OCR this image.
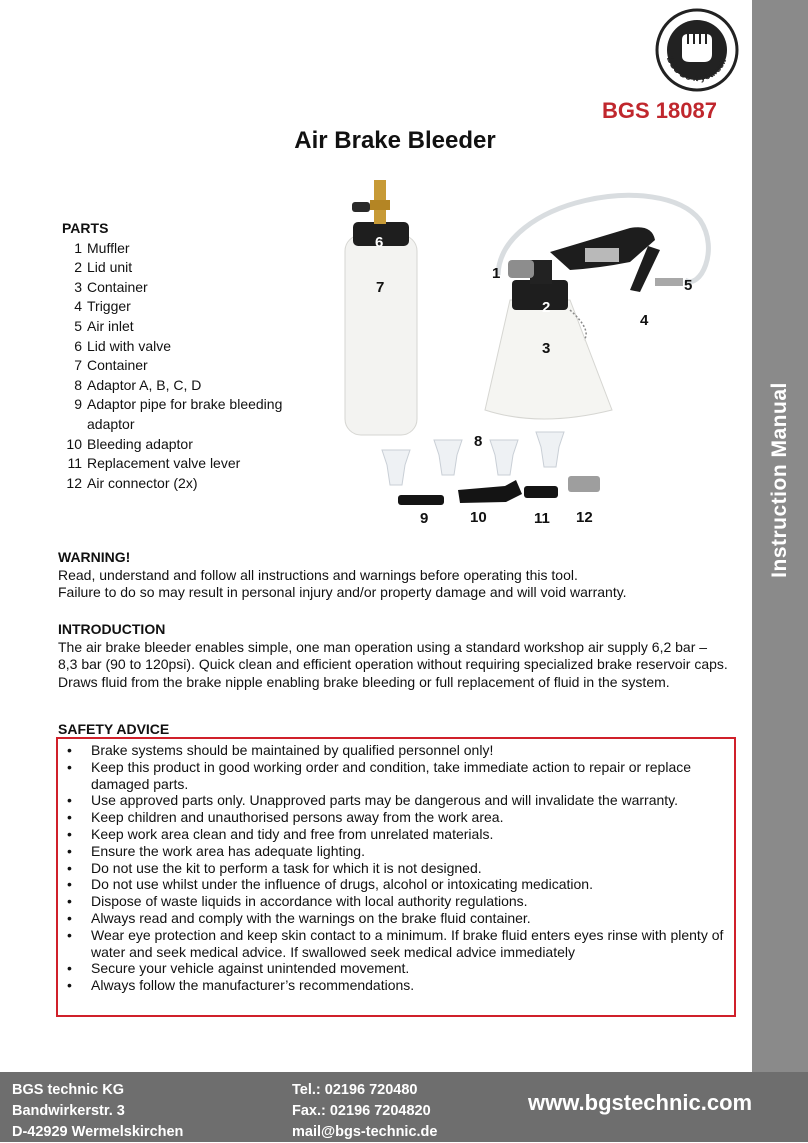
BGS Do it yourself
BGS 18087
Air Brake Bleeder
PARTS
1 Muffler
2 Lid unit
3 Container
4 Trigger
5 Air inlet
6 Lid with valve
7 Container
8 Adaptor A, B, C, D
9 Adaptor pipe for brake bleeding adaptor
10 Bleeding adaptor
11 Replacement valve lever
12 Air connector (2x)
1
2
3
4
5
6
7
8
9	10	11 12
WARNING!

Read, understand and follow all instructions and warnings before operating this tool.

Failure to do so may result in personal injury and/or property damage and will void warranty.

INTRODUCTION

The air brake bleeder enables simple, one man operation using a standard workshop air supply 6,2 bar – 8,3 bar (90 to 120psi). Quick clean and efficient operation without requiring specialized brake reservoir caps. Draws fluid from the brake nipple enabling brake bleeding or full replacement of fluid in the system.

SAFETY ADVICE
• Brake systems should be maintained by qualified personnel only!
• Keep this product in good working order and condition, take immediate action to repair or replace damaged parts.
• Use approved parts only. Unapproved parts may be dangerous and will invalidate the warranty.
• Keep children and unauthorised persons away from the work area.
• Keep work area clean and tidy and free from unrelated materials.
• Ensure the work area has adequate lighting.
• Do not use the kit to perform a task for which it is not designed.
• Do not use whilst under the influence of drugs, alcohol or intoxicating medication.
• Dispose of waste liquids in accordance with local authority regulations.
• Always read and comply with the warnings on the brake fluid container.
• Wear eye protection and keep skin contact to a minimum. If brake fluid enters eyes rinse with plenty of water and seek medical advice. If swallowed seek medical advice immediately
• Secure your vehicle against unintended movement.
• Always follow the manufacturer’s recommendations.
Instruction Manual
BGS technic KG
Bandwirkerstr. 3
D-42929 Wermelskirchen
Tel.: 02196 720480
Fax.: 02196 7204820
mail@bgs-technic.de
www.bgstechnic.com
